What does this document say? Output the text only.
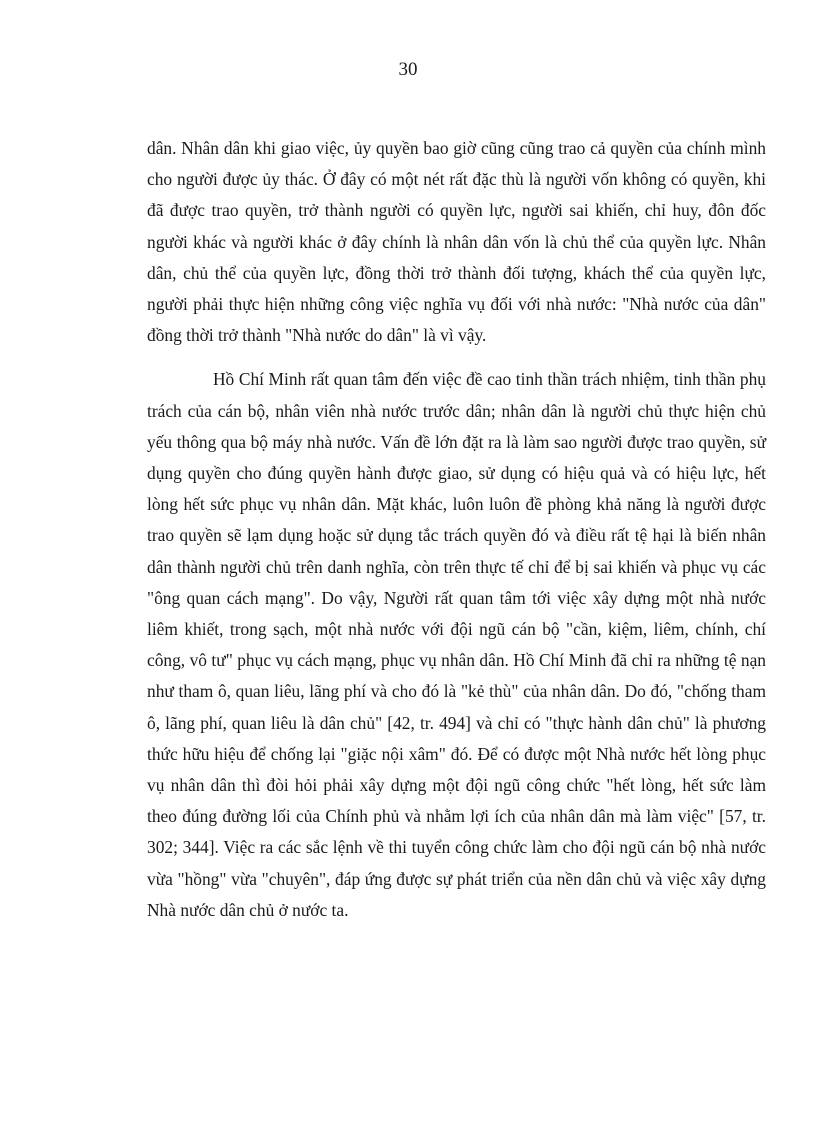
30

dân. Nhân dân khi giao việc, ủy quyền bao giờ cũng cũng trao cả quyền của chính mình cho người được ủy thác. Ở đây có một nét rất đặc thù là người vốn không có quyền, khi đã được trao quyền, trở thành người có quyền lực, người sai khiến, chỉ huy, đôn đốc người khác và người khác ở đây chính là nhân dân vốn là chủ thể của quyền lực. Nhân dân, chủ thể của quyền lực, đồng thời trở thành đối tượng, khách thể của quyền lực, người phải thực hiện những công việc nghĩa vụ đối với nhà nước: "Nhà nước của dân" đồng thời trở thành "Nhà nước do dân" là vì vậy.

Hồ Chí Minh rất quan tâm đến việc đề cao tinh thần trách nhiệm, tinh thần phụ trách của cán bộ, nhân viên nhà nước trước dân; nhân dân là người chủ thực hiện chủ yếu thông qua bộ máy nhà nước. Vấn đề lớn đặt ra là làm sao người được trao quyền, sử dụng quyền cho đúng quyền hành được giao, sử dụng có hiệu quả và có hiệu lực, hết lòng hết sức phục vụ nhân dân. Mặt khác, luôn luôn đề phòng khả năng là người được trao quyền sẽ lạm dụng hoặc sử dụng tắc trách quyền đó và điều rất tệ hại là biến nhân dân thành người chủ trên danh nghĩa, còn trên thực tế chỉ để bị sai khiến và phục vụ các "ông quan cách mạng". Do vậy, Người rất quan tâm tới việc xây dựng một nhà nước liêm khiết, trong sạch, một nhà nước với đội ngũ cán bộ "cần, kiệm, liêm, chính, chí công, vô tư" phục vụ cách mạng, phục vụ nhân dân. Hồ Chí Minh đã chỉ ra những tệ nạn như tham ô, quan liêu, lãng phí và cho đó là "kẻ thù" của nhân dân. Do đó, "chống tham ô, lãng phí, quan liêu là dân chủ" [42, tr. 494] và chỉ có "thực hành dân chủ" là phương thức hữu hiệu để chống lại "giặc nội xâm" đó. Để có được một Nhà nước hết lòng phục vụ nhân dân thì đòi hỏi phải xây dựng một đội ngũ công chức "hết lòng, hết sức làm theo đúng đường lối của Chính phủ và nhằm lợi ích của nhân dân mà làm việc" [57, tr. 302; 344]. Việc ra các sắc lệnh về thi tuyển công chức làm cho đội ngũ cán bộ nhà nước vừa "hồng" vừa "chuyên", đáp ứng được sự phát triển của nền dân chủ và việc xây dựng Nhà nước dân chủ ở nước ta.
